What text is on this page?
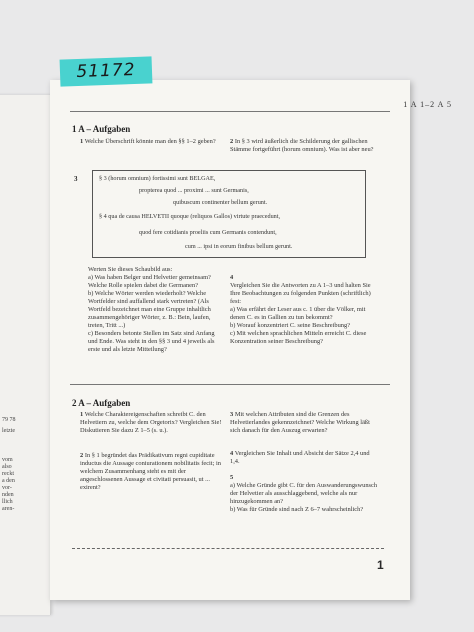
79 78
letzte
vom
also
reckt
a den
vor-
nden
llich
aren-
51172
1 A 1–2 A 5
1 A – Aufgaben
1 Welche Überschrift könnte man den §§ 1–2 geben?	2 In § 3 wird äußerlich die Schilderung der gallischen Stämme fortgeführt (horum omnium). Was ist aber neu?
3	§ 3 (horum omnium) fortissimi sunt BELGAE,
propterea quod ... proximi ... sunt Germanis,
quibuscum continenter bellum gerunt.
§ 4 qua de causa HELVETII quoque (reliquos Gallos) virtute praecedunt,
quod fere cotidianis proeliis cum Germanis contendunt,
cum ... ipsi in eorum finibus bellum gerunt.
Werten Sie dieses Schaubild aus:
a) Was haben Belger und Helvetier gemeinsam? Welche Rolle spielen dabei die Germanen?
b) Welche Wörter werden wiederholt? Welche Wortfelder sind auffallend stark vertreten? (Als Wortfeld bezeichnet man eine Gruppe inhaltlich zusammengehöriger Wörter, z. B.: Bein, laufen, treten, Tritt ...)
c) Besonders betonte Stellen im Satz sind Anfang und Ende. Was steht in den §§ 3 und 4 jeweils als erste und als letzte Mitteilung?

4
Vergleichen Sie die Antworten zu A 1–3 und halten Sie Ihre Beobachtungen zu folgenden Punkten (schriftlich) fest:
a) Was erfährt der Leser aus c. 1 über die Völker, mit denen C. es in Gallien zu tun bekommt?
b) Worauf konzentriert C. seine Beschreibung?
c) Mit welchen sprachlichen Mitteln erreicht C. diese Konzentration seiner Beschreibung?

2 A – Aufgaben
1 Welche Charaktereigenschaften schreibt C. den Helvetiern zu, welche dem Orgetorix? Vergleichen Sie! Diskutieren Sie dazu Z 1–5 (s. u.).
2 In § 1 begründet das Prädikativum regni cupiditate inductus die Aussage coniurationem nobilitatis fecit; in welchem Zusammenhang steht es mit der angeschlossenen Aussage et civitati persuasit, ut ... exirent?
3 Mit welchen Attributen sind die Grenzen des Helvetierlandes gekennzeichnet? Welche Wirkung läßt sich danach für den Auszug erwarten?
4 Vergleichen Sie Inhalt und Absicht der Sätze 2,4 und 1,4.

5
a) Welche Gründe gibt C. für den Auswanderungswunsch der Helvetier als ausschlaggebend, welche als nur hinzugekommen an?
b) Was für Gründe sind nach Z 6–7 wahrscheinlich?

1
